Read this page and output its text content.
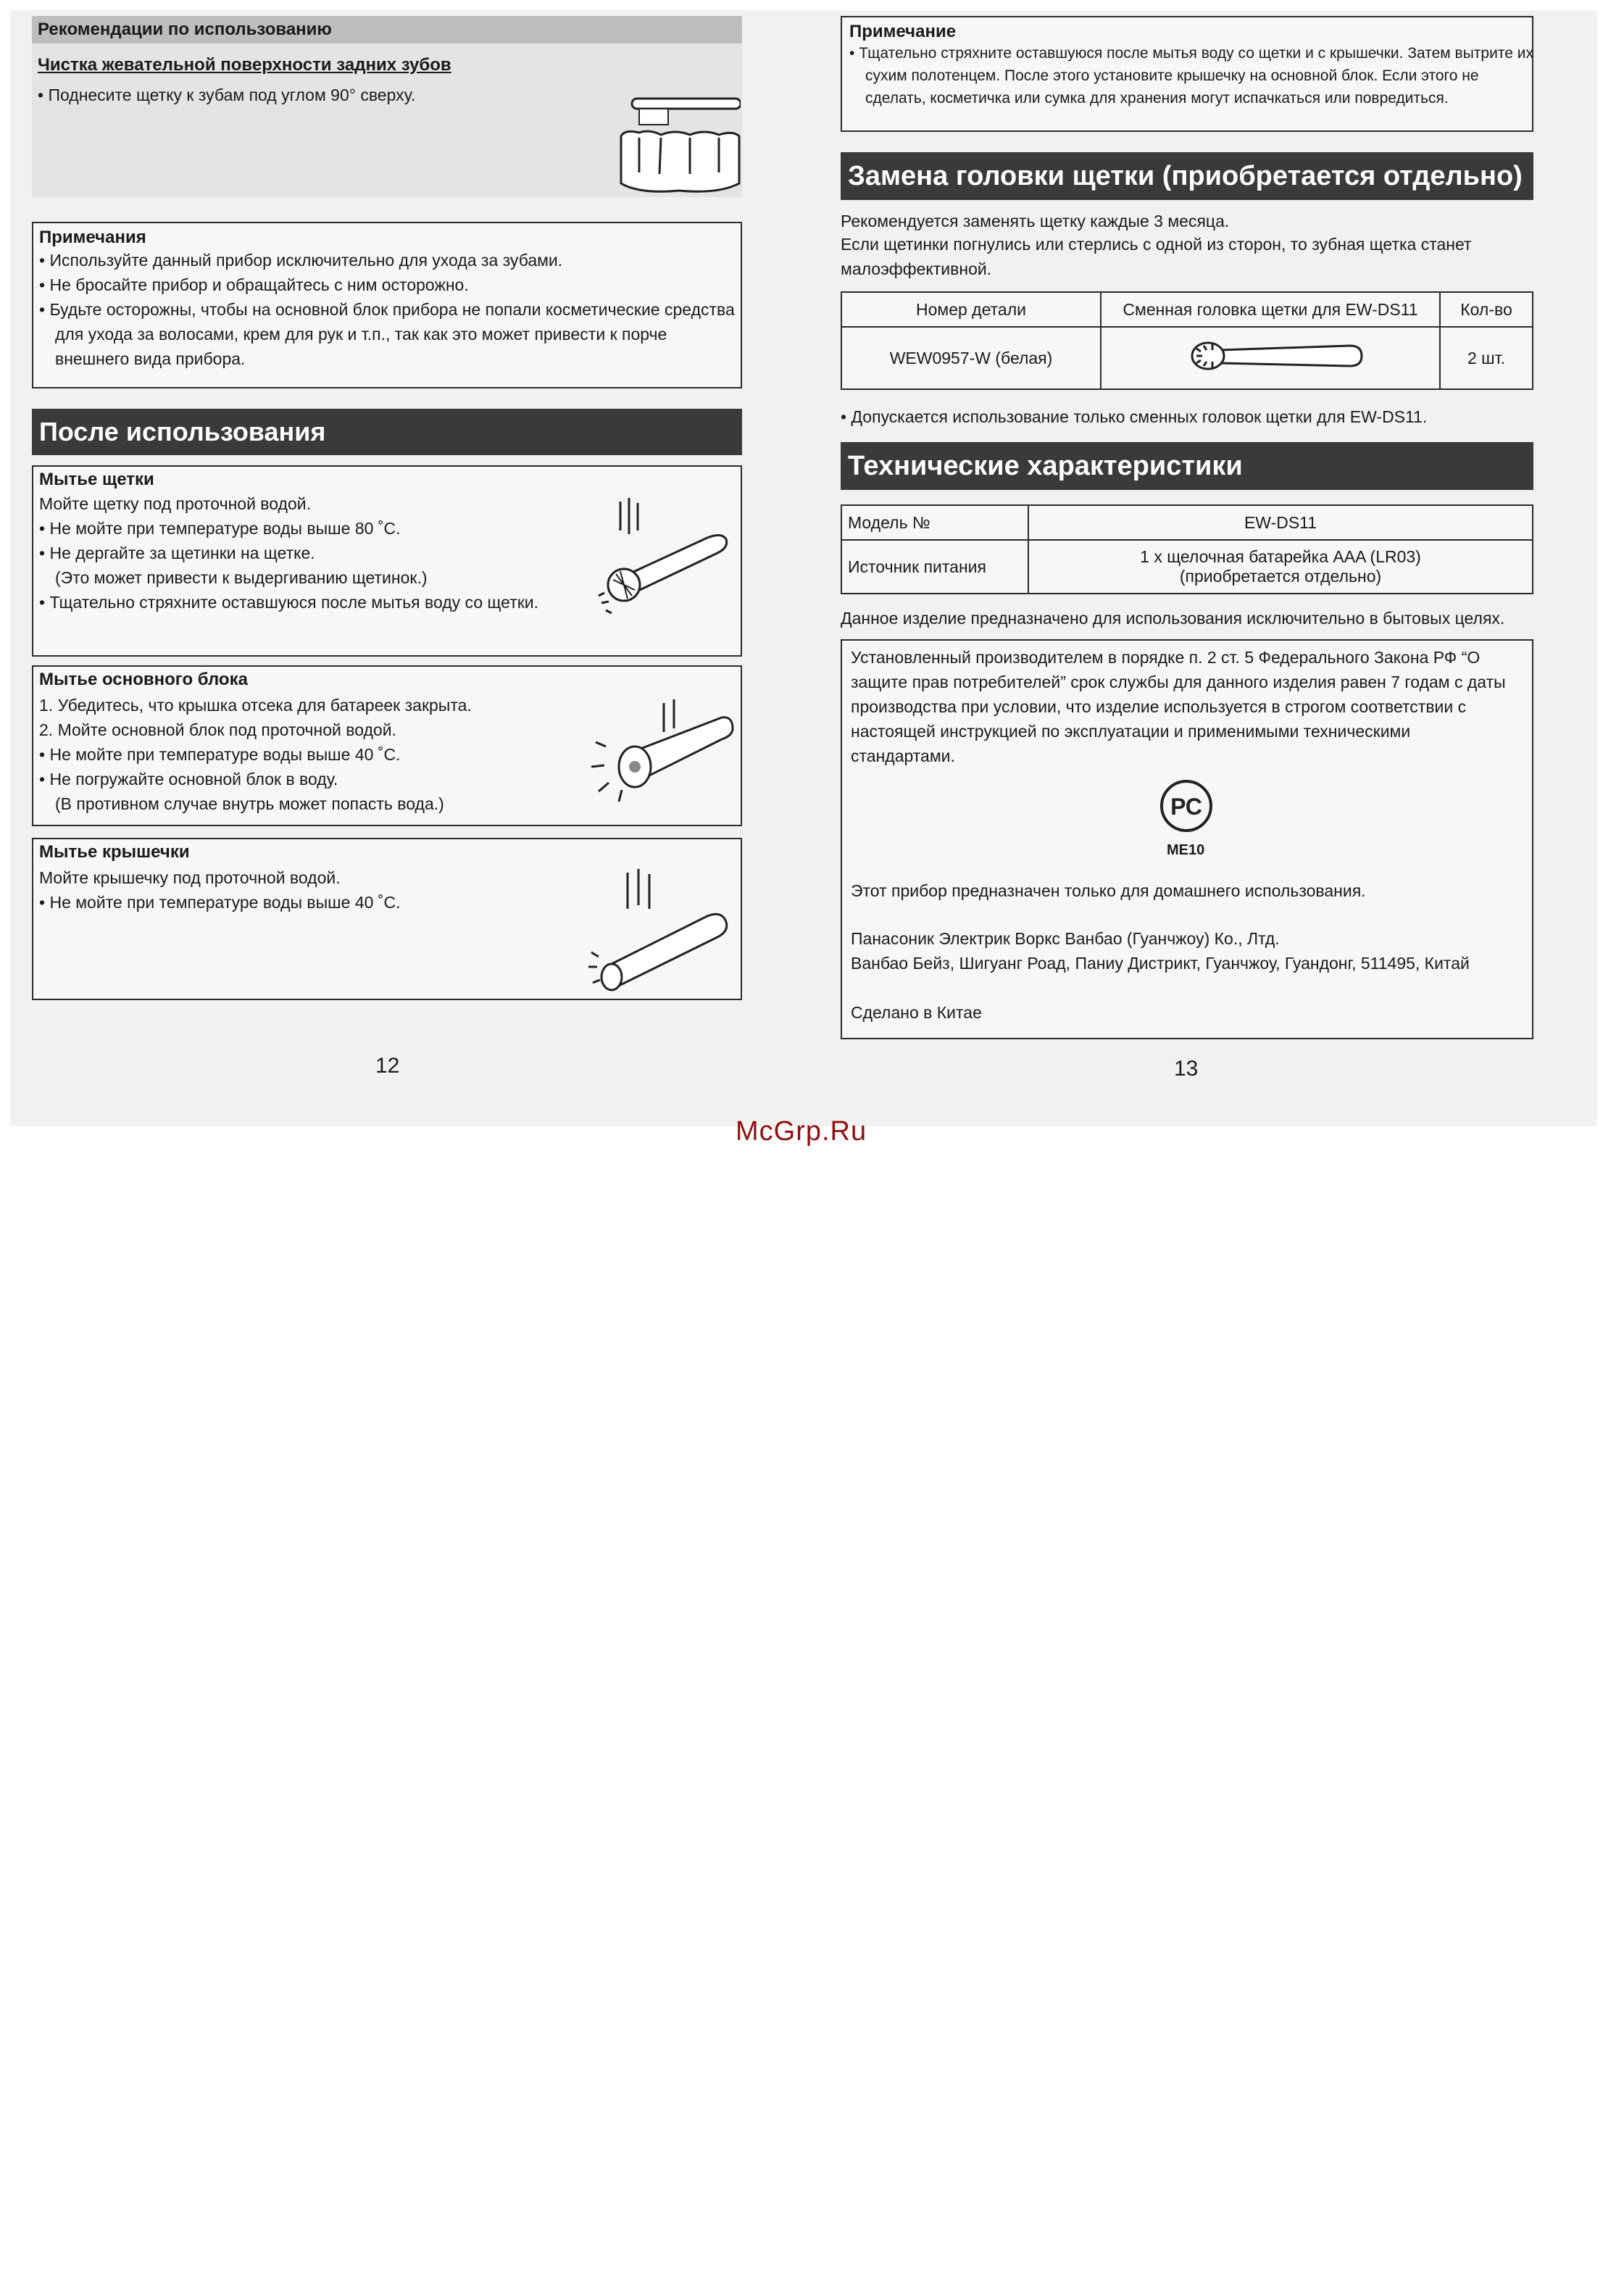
Рекомендации по использованию
Чистка жевательной поверхности задних зубов
• Поднесите щетку к зубам под углом 90° сверху.
Примечания
• Используйте данный прибор исключительно для ухода за зубами.
• Не бросайте прибор и обращайтесь с ним осторожно.
• Будьте осторожны, чтобы на основной блок прибора не попали косметические средства для ухода за волосами, крем для рук и т.п., так как это может привести к порче внешнего вида прибора.
После использования
Мытье щетки
Мойте щетку под проточной водой.
• Не мойте при температуре воды выше 80 ˚C.
• Не дергайте за щетинки на щетке.
(Это может привести к выдергиванию щетинок.)
• Тщательно стряхните оставшуюся после мытья воду со щетки.
Мытье основного блока
1. Убедитесь, что крышка отсека для батареек закрыта.
2. Мойте основной блок под проточной водой.
• Не мойте при температуре воды выше 40 ˚C.
• Не погружайте основной блок в воду.
(В противном случае внутрь может попасть вода.)
Мытье крышечки
Мойте крышечку под проточной водой.
• Не мойте при температуре воды выше 40 ˚C.
12
Примечание
• Тщательно стряхните оставшуюся после мытья воду со щетки и с крышечки. Затем вытрите их сухим полотенцем. После этого установите крышечку на основной блок. Если этого не сделать, косметичка или сумка для хранения могут испачкаться или повредиться.
Замена головки щетки (приобретается отдельно)
Рекомендуется заменять щетку каждые 3 месяца.
Если щетинки погнулись или стерлись с одной из сторон, то зубная щетка станет малоэффективной.
Номер детали	Сменная головка щетки для EW-DS11	Кол-во
WEW0957-W (белая)		2 шт.
• Допускается использование только сменных головок щетки для EW-DS11.
Технические характеристики
Модель №	EW-DS11
Источник питания	1 x щелочная батарейка AAA (LR03)
(приобретается отдельно)
Данное изделие предназначено для использования исключительно в бытовых целях.
Установленный производителем в порядке п. 2 ст. 5 Федерального Закона РФ “О защите прав потребителей” срок службы для данного изделия равен 7 годам с даты производства при условии, что изделие используется в строгом соответствии с настоящей инструкцией по эксплуатации и применимыми техническими стандартами.
РС
ME10
Этот прибор предназначен только для домашнего использования.
Панасоник Электрик Воркс Ванбао (Гуанчжоу) Ко., Лтд.
Ванбао Бейз, Шигуанг Роад, Паниу Дистрикт, Гуанчжоу, Гуандонг, 511495, Китай
Сделано в Китае
13
McGrp.Ru
